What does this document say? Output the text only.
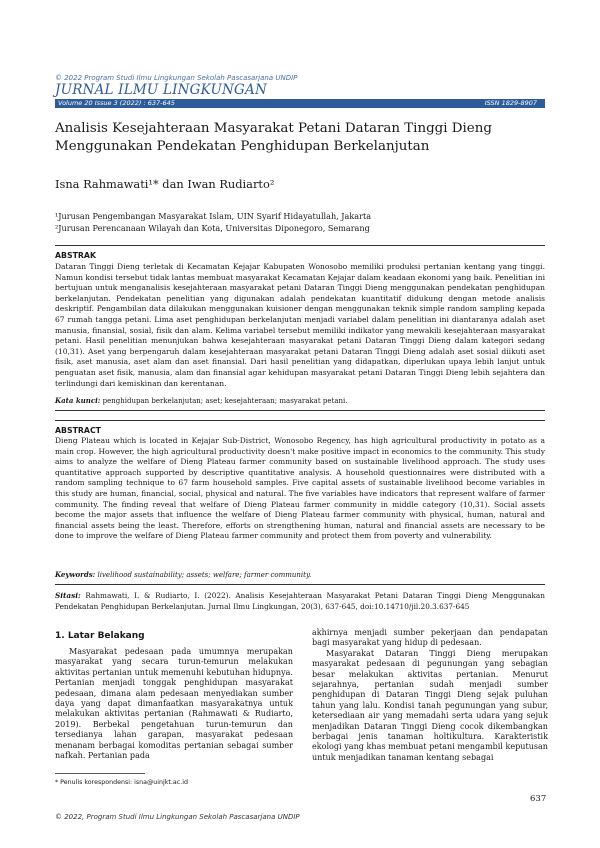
© 2022 Program Studi Ilmu Lingkungan Sekolah Pascasarjana UNDIP
JURNAL ILMU LINGKUNGAN
Volume 20 Issue 3 (2022) : 637-645	ISSN 1829-8907
Analisis Kesejahteraan Masyarakat Petani Dataran Tinggi Dieng Menggunakan Pendekatan Penghidupan Berkelanjutan
Isna Rahmawati¹* dan Iwan Rudiarto²
¹Jurusan Pengembangan Masyarakat Islam, UIN Syarif Hidayatullah, Jakarta
²Jurusan Perencanaan Wilayah dan Kota, Universitas Diponegoro, Semarang
ABSTRAK
Dataran Tinggi Dieng terletak di Kecamatan Kejajar Kabupaten Wonosobo memiliki produksi pertanian kentang yang tinggi. Namun kondisi tersebut tidak lantas membuat masyarakat Kecamatan Kejajar dalam keadaan ekonomi yang baik. Penelitian ini bertujuan untuk menganalisis kesejahteraan masyarakat petani Dataran Tinggi Dieng menggunakan pendekatan penghidupan berkelanjutan. Pendekatan penelitian yang digunakan adalah pendekatan kuantitatif didukung dengan metode analisis deskriptif. Pengambilan data dilakukan menggunakan kuisioner dengan menggunakan teknik simple random sampling kepada 67 rumah tangga petani. Lima aset penghidupan berkelanjutan menjadi variabel dalam penelitian ini diantaranya adalah aset manusia, finansial, sosial, fisik dan alam. Kelima variabel tersebut memiliki indikator yang mewakili kesejahteraan masyarakat petani. Hasil penelitian menunjukan bahwa kesejahteraan masyarakat petani Dataran Tinggi Dieng dalam kategori sedang (10,31). Aset yang berpengaruh dalam kesejahteraan masyarakat petani Dataran Tinggi Dieng adalah aset sosial diikuti aset fisik, aset manusia, aset alam dan aset finansial. Dari hasil penelitian yang didapatkan, diperlukan upaya lebih lanjut untuk penguatan aset fisik, manusia, alam dan finansial agar kehidupan masyarakat petani Dataran Tinggi Dieng lebih sejahtera dan terlindungi dari kemiskinan dan kerentanan.
Kata kunci: penghidupan berkelanjutan; aset; kesejahteraan; masyarakat petani.
ABSTRACT
Dieng Plateau which is located in Kejajar Sub-District, Wonosobo Regency, has high agricultural productivity in potato as a main crop. However, the high agricultural productivity doesn't make positive impact in economics to the community. This study aims to analyze the welfare of Dieng Plateau farmer community based on sustainable livelihood approach. The study uses quantitative approach supported by descriptive quantitative analysis. A household questionnaires were distributed with a random sampling technique to 67 farm household samples. Five capital assets of sustainable livelihood become variables in this study are human, financial, social, physical and natural. The five variables have indicators that represent walfare of farmer community. The finding reveal that welfare of Dieng Plateau farmer community in middle category (10,31). Social assets become the major assets that influence the welfare of Dieng Plateau farmer community with physical, human, natural and financial assets being the least. Therefore, efforts on strengthening human, natural and financial assets are necessary to be done to improve the welfare of Dieng Plateau farmer community and protect them from poverty and vulnerability.
Keywords: livelihood sustainability; assets; welfare; farmer community.
Sitasi: Rahmawati, I. & Rudiarto, I. (2022). Analisis Kesejahteraan Masyarakat Petani Dataran Tinggi Dieng Menggunakan Pendekatan Penghidupan Berkelanjutan. Jurnal Ilmu Lingkungan, 20(3), 637-645, doi:10.14710/jil.20.3.637-645
1. Latar Belakang

Masyarakat pedesaan pada umumnya merupakan masyarakat yang secara turun-temurun melakukan aktivitas pertanian untuk memenuhi kebutuhan hidupnya. Pertanian menjadi tonggak penghidupan masyarakat pedesaan, dimana alam pedesaan menyediakan sumber daya yang dapat dimanfaatkan masyarakatnya untuk melakukan aktivitas pertanian (Rahmawati & Rudiarto, 2019). Berbekal pengetahuan turun-temurun dan tersedianya lahan garapan, masyarakat pedesaan menanam berbagai komoditas pertanian sebagai sumber nafkah. Pertanian pada

akhirnya menjadi sumber pekerjaan dan pendapatan bagi masyarakat yang hidup di pedesaan.

Masyarakat Dataran Tinggi Dieng merupakan masyarakat pedesaan di pegunungan yang sebagian besar melakukan aktivitas pertanian. Menurut sejarahnya, pertanian sudah menjadi sumber penghidupan di Dataran Tinggi Dieng sejak puluhan tahun yang lalu. Kondisi tanah pegunungan yang subur, ketersediaan air yang memadahi serta udara yang sejuk menjadikan Dataran Tinggi Dieng cocok dikembangkan berbagai jenis tanaman holtikultura. Karakteristik ekologi yang khas membuat petani mengambil keputusan untuk menjadikan tanaman kentang sebagai

* Penulis korespondensi: isna@uinjkt.ac.id
637
© 2022, Program Studi Ilmu Lingkungan Sekolah Pascasarjana UNDIP
